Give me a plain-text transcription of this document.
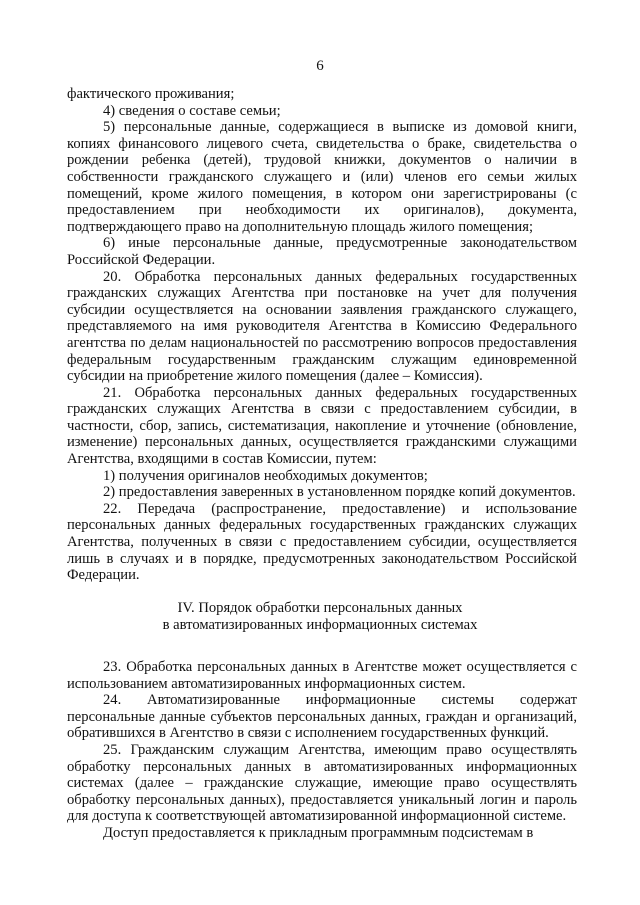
6

фактического проживания;

4) сведения о составе семьи;

5) персональные данные, содержащиеся в выписке из домовой книги, копиях финансового лицевого счета, свидетельства о браке, свидетельства о рождении ребенка (детей), трудовой книжки, документов о наличии в собственности гражданского служащего и (или) членов его семьи жилых помещений, кроме жилого помещения, в котором они зарегистрированы (с предоставлением при необходимости их оригиналов), документа, подтверждающего право на дополнительную площадь жилого помещения;

6) иные персональные данные, предусмотренные законодательством Российской Федерации.

20. Обработка персональных данных федеральных государственных гражданских служащих Агентства при постановке на учет для получения субсидии осуществляется на основании заявления гражданского служащего, представляемого на имя руководителя Агентства в Комиссию Федерального агентства по делам национальностей по рассмотрению вопросов предоставления федеральным государственным гражданским служащим единовременной субсидии на приобретение жилого помещения (далее – Комиссия).

21. Обработка персональных данных федеральных государственных гражданских служащих Агентства в связи с предоставлением субсидии, в частности, сбор, запись, систематизация, накопление и уточнение (обновление, изменение) персональных данных, осуществляется гражданскими служащими Агентства, входящими в состав Комиссии, путем:

1) получения оригиналов необходимых документов;

2) предоставления заверенных в установленном порядке копий документов.

22. Передача (распространение, предоставление) и использование персональных данных федеральных государственных гражданских служащих Агентства, полученных в связи с предоставлением субсидии, осуществляется лишь в случаях и в порядке, предусмотренных законодательством Российской Федерации.

IV. Порядок обработки персональных данных
в автоматизированных информационных системах

23. Обработка персональных данных в Агентстве может осуществляется с использованием автоматизированных информационных систем.

24. Автоматизированные информационные системы содержат персональные данные субъектов персональных данных, граждан и организаций, обратившихся в Агентство в связи с исполнением государственных функций.

25. Гражданским служащим Агентства, имеющим право осуществлять обработку персональных данных в автоматизированных информационных системах (далее – гражданские служащие, имеющие право осуществлять обработку персональных данных), предоставляется уникальный логин и пароль для доступа к соответствующей автоматизированной информационной системе.

Доступ предоставляется к прикладным программным подсистемам в
